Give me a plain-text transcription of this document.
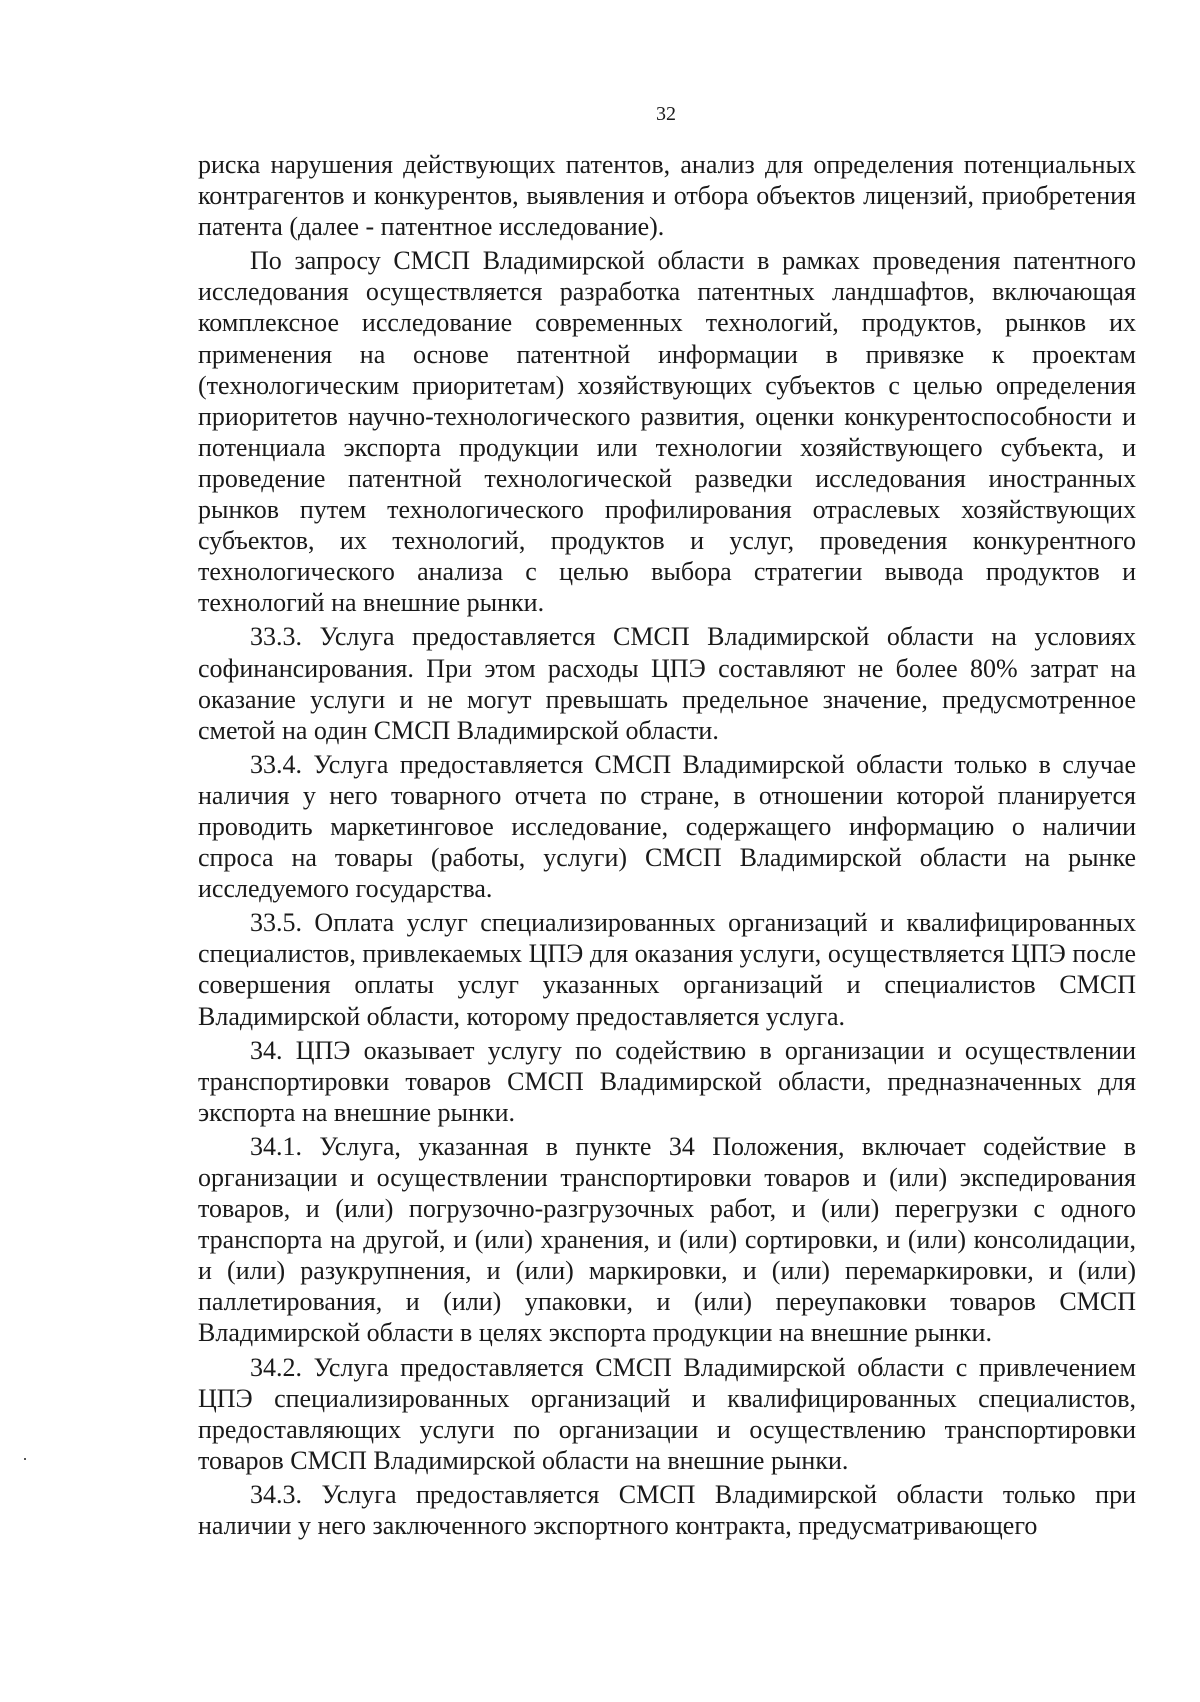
32

риска нарушения действующих патентов, анализ для определения потенциальных контрагентов и конкурентов, выявления и отбора объектов лицензий, приобретения патента (далее - патентное исследование).

По запросу СМСП Владимирской области в рамках проведения патентного исследования осуществляется разработка патентных ландшафтов, включающая комплексное исследование современных технологий, продуктов, рынков их применения на основе патентной информации в привязке к проектам (технологическим приоритетам) хозяйствующих субъектов с целью определения приоритетов научно-технологического развития, оценки конкурентоспособности и потенциала экспорта продукции или технологии хозяйствующего субъекта, и проведение патентной технологической разведки исследования иностранных рынков путем технологического профилирования отраслевых хозяйствующих субъектов, их технологий, продуктов и услуг, проведения конкурентного технологического анализа с целью выбора стратегии вывода продуктов и технологий на внешние рынки.

33.3. Услуга предоставляется СМСП Владимирской области на условиях софинансирования. При этом расходы ЦПЭ составляют не более 80% затрат на оказание услуги и не могут превышать предельное значение, предусмотренное сметой на один СМСП Владимирской области.

33.4. Услуга предоставляется СМСП Владимирской области только в случае наличия у него товарного отчета по стране, в отношении которой планируется проводить маркетинговое исследование, содержащего информацию о наличии спроса на товары (работы, услуги) СМСП Владимирской области на рынке исследуемого государства.

33.5. Оплата услуг специализированных организаций и квалифицированных специалистов, привлекаемых ЦПЭ для оказания услуги, осуществляется ЦПЭ после совершения оплаты услуг указанных организаций и специалистов СМСП Владимирской области, которому предоставляется услуга.

34. ЦПЭ оказывает услугу по содействию в организации и осуществлении транспортировки товаров СМСП Владимирской области, предназначенных для экспорта на внешние рынки.

34.1. Услуга, указанная в пункте 34 Положения, включает содействие в организации и осуществлении транспортировки товаров и (или) экспедирования товаров, и (или) погрузочно-разгрузочных работ, и (или) перегрузки с одного транспорта на другой, и (или) хранения, и (или) сортировки, и (или) консолидации, и (или) разукрупнения, и (или) маркировки, и (или) перемаркировки, и (или) паллетирования, и (или) упаковки, и (или) переупаковки товаров СМСП Владимирской области в целях экспорта продукции на внешние рынки.

34.2. Услуга предоставляется СМСП Владимирской области с привлечением ЦПЭ специализированных организаций и квалифицированных специалистов, предоставляющих услуги по организации и осуществлению транспортировки товаров СМСП Владимирской области на внешние рынки.

34.3. Услуга предоставляется СМСП Владимирской области только при наличии у него заключенного экспортного контракта, предусматривающего
